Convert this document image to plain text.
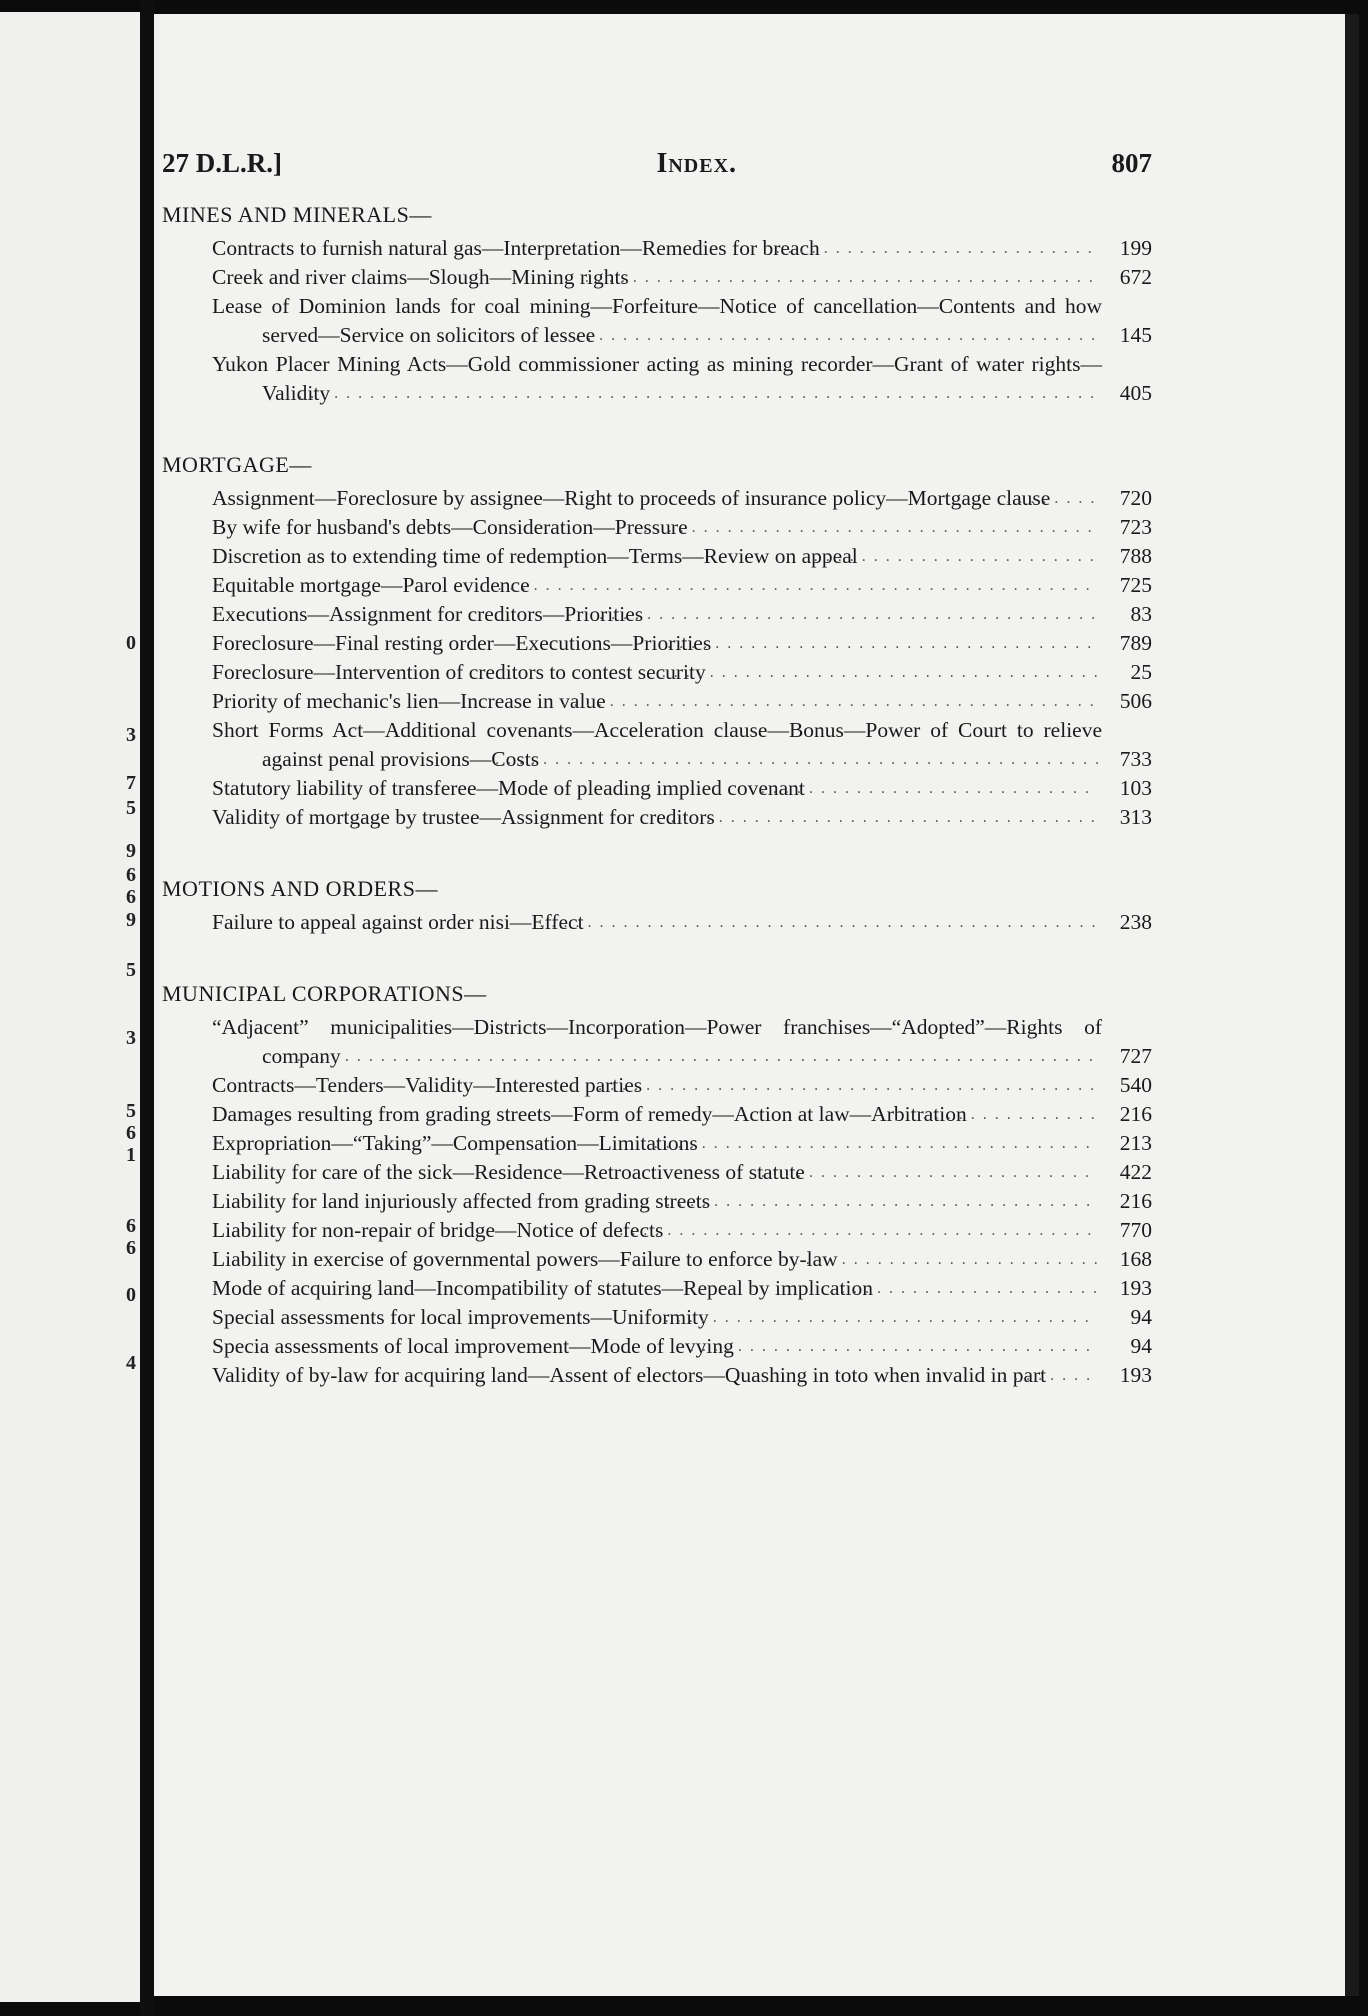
0
3
7
5
9
6
6
9
5
3
5
6
1
6
6
0
4
27 D.L.R.]	Index.	807
MINES AND MINERALS—
Contracts to furnish natural gas—Interpretation—Remedies for breach . . .	199
Creek and river claims—Slough—Mining rights . . .	672
Lease of Dominion lands for coal mining—Forfeiture—Notice of cancellation—Contents and how served—Service on solicitors of lessee . . .	145
Yukon Placer Mining Acts—Gold commissioner acting as mining recorder—Grant of water rights—Validity . . .	405
MORTGAGE—
Assignment—Foreclosure by assignee—Right to proceeds of insurance policy—Mortgage clause . . .	720
By wife for husband's debts—Consideration—Pressure . . .	723
Discretion as to extending time of redemption—Terms—Review on appeal . . .	788
Equitable mortgage—Parol evidence . . .	725
Executions—Assignment for creditors—Priorities . . .	83
Foreclosure—Final resting order—Executions—Priorities . . .	789
Foreclosure—Intervention of creditors to contest security . . .	25
Priority of mechanic's lien—Increase in value . . .	506
Short Forms Act—Additional covenants—Acceleration clause—Bonus—Power of Court to relieve against penal provisions—Costs . . .	733
Statutory liability of transferee—Mode of pleading implied covenant . . .	103
Validity of mortgage by trustee—Assignment for creditors . . .	313
MOTIONS AND ORDERS—
Failure to appeal against order nisi—Effect . . .	238
MUNICIPAL CORPORATIONS—
“Adjacent” municipalities—Districts—Incorporation—Power franchises—“Adopted”—Rights of company . . .	727
Contracts—Tenders—Validity—Interested parties . . .	540
Damages resulting from grading streets—Form of remedy—Action at law—Arbitration . . .	216
Expropriation—“Taking”—Compensation—Limitations . . .	213
Liability for care of the sick—Residence—Retroactiveness of statute . . .	422
Liability for land injuriously affected from grading streets . . .	216
Liability for non-repair of bridge—Notice of defects . . .	770
Liability in exercise of governmental powers—Failure to enforce by-law . . .	168
Mode of acquiring land—Incompatibility of statutes—Repeal by implication . . .	193
Special assessments for local improvements—Uniformity . . .	94
Specia assessments of local improvement—Mode of levying . . .	94
Validity of by-law for acquiring land—Assent of electors—Quashing in toto when invalid in part . . .	193
